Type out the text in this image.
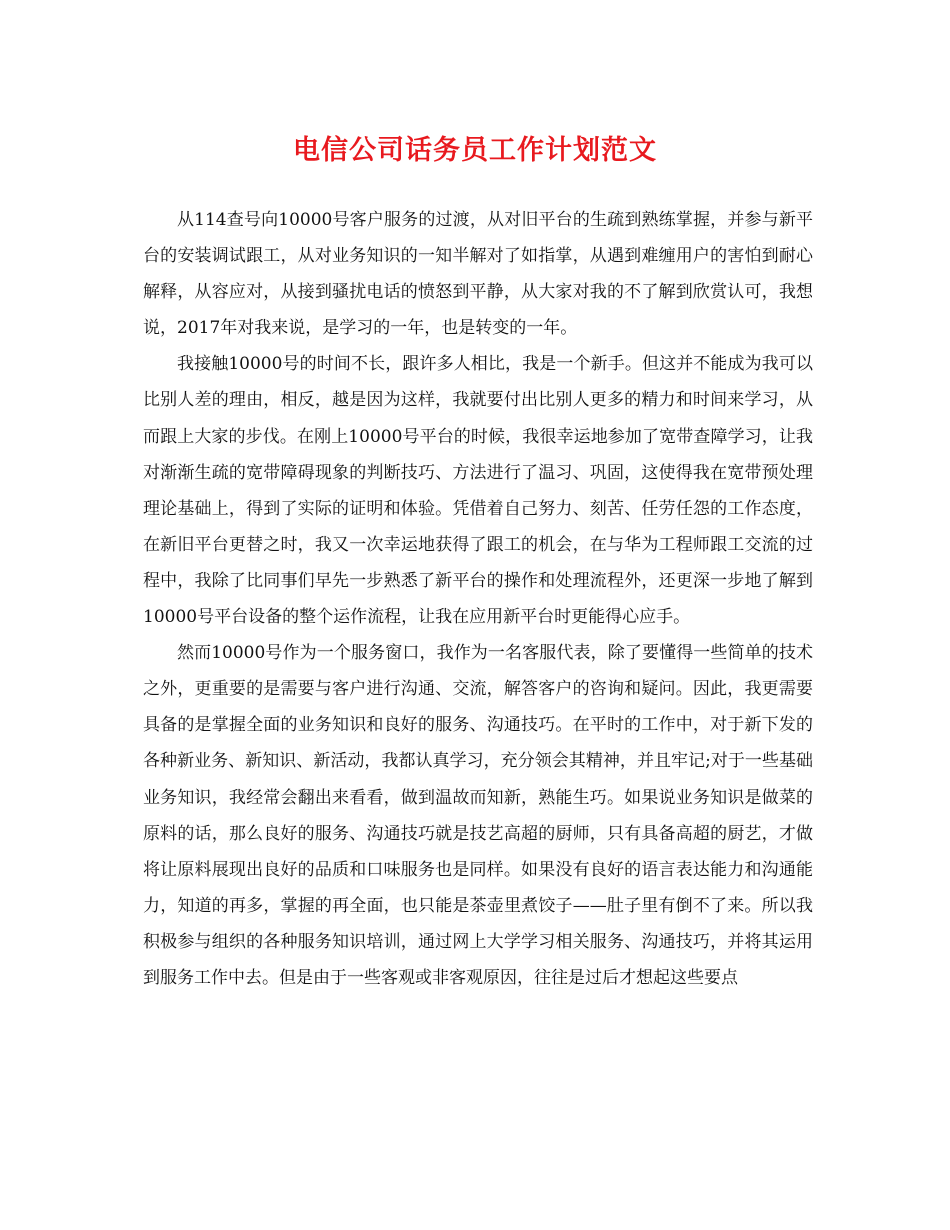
电信公司话务员工作计划范文

从114查号向10000号客户服务的过渡，从对旧平台的生疏到熟练掌握，并参与新平台的安装调试跟工，从对业务知识的一知半解对了如指掌，从遇到难缠用户的害怕到耐心解释，从容应对，从接到骚扰电话的愤怒到平静，从大家对我的不了解到欣赏认可，我想说，2017年对我来说，是学习的一年，也是转变的一年。

我接触10000号的时间不长，跟许多人相比，我是一个新手。但这并不能成为我可以比别人差的理由，相反，越是因为这样，我就要付出比别人更多的精力和时间来学习，从而跟上大家的步伐。在刚上10000号平台的时候，我很幸运地参加了宽带查障学习，让我对渐渐生疏的宽带障碍现象的判断技巧、方法进行了温习、巩固，这使得我在宽带预处理理论基础上，得到了实际的证明和体验。凭借着自己努力、刻苦、任劳任怨的工作态度，在新旧平台更替之时，我又一次幸运地获得了跟工的机会，在与华为工程师跟工交流的过程中，我除了比同事们早先一步熟悉了新平台的操作和处理流程外，还更深一步地了解到10000号平台设备的整个运作流程，让我在应用新平台时更能得心应手。

然而10000号作为一个服务窗口，我作为一名客服代表，除了要懂得一些简单的技术之外，更重要的是需要与客户进行沟通、交流，解答客户的咨询和疑问。因此，我更需要具备的是掌握全面的业务知识和良好的服务、沟通技巧。在平时的工作中，对于新下发的各种新业务、新知识、新活动，我都认真学习，充分领会其精神，并且牢记;对于一些基础业务知识，我经常会翻出来看看，做到温故而知新，熟能生巧。如果说业务知识是做菜的原料的话，那么良好的服务、沟通技巧就是技艺高超的厨师，只有具备高超的厨艺，才做将让原料展现出良好的品质和口味服务也是同样。如果没有良好的语言表达能力和沟通能力，知道的再多，掌握的再全面，也只能是茶壶里煮饺子——肚子里有倒不了来。所以我积极参与组织的各种服务知识培训，通过网上大学学习相关服务、沟通技巧，并将其运用到服务工作中去。但是由于一些客观或非客观原因，往往是过后才想起这些要点
